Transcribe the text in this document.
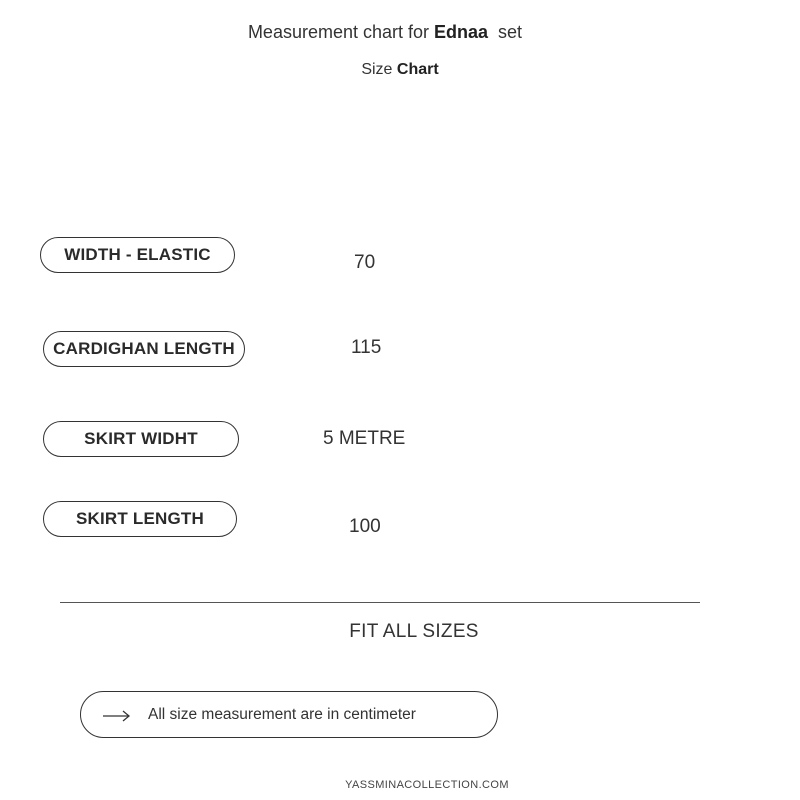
Measurement chart for Ednaa  set
Size Chart
WIDTH - ELASTIC	70
CARDIGHAN LENGTH	115
SKIRT WIDHT	5 METRE
SKIRT LENGTH	100
FIT ALL SIZES
All size measurement are in centimeter
YASSMINACOLLECTION.COM
